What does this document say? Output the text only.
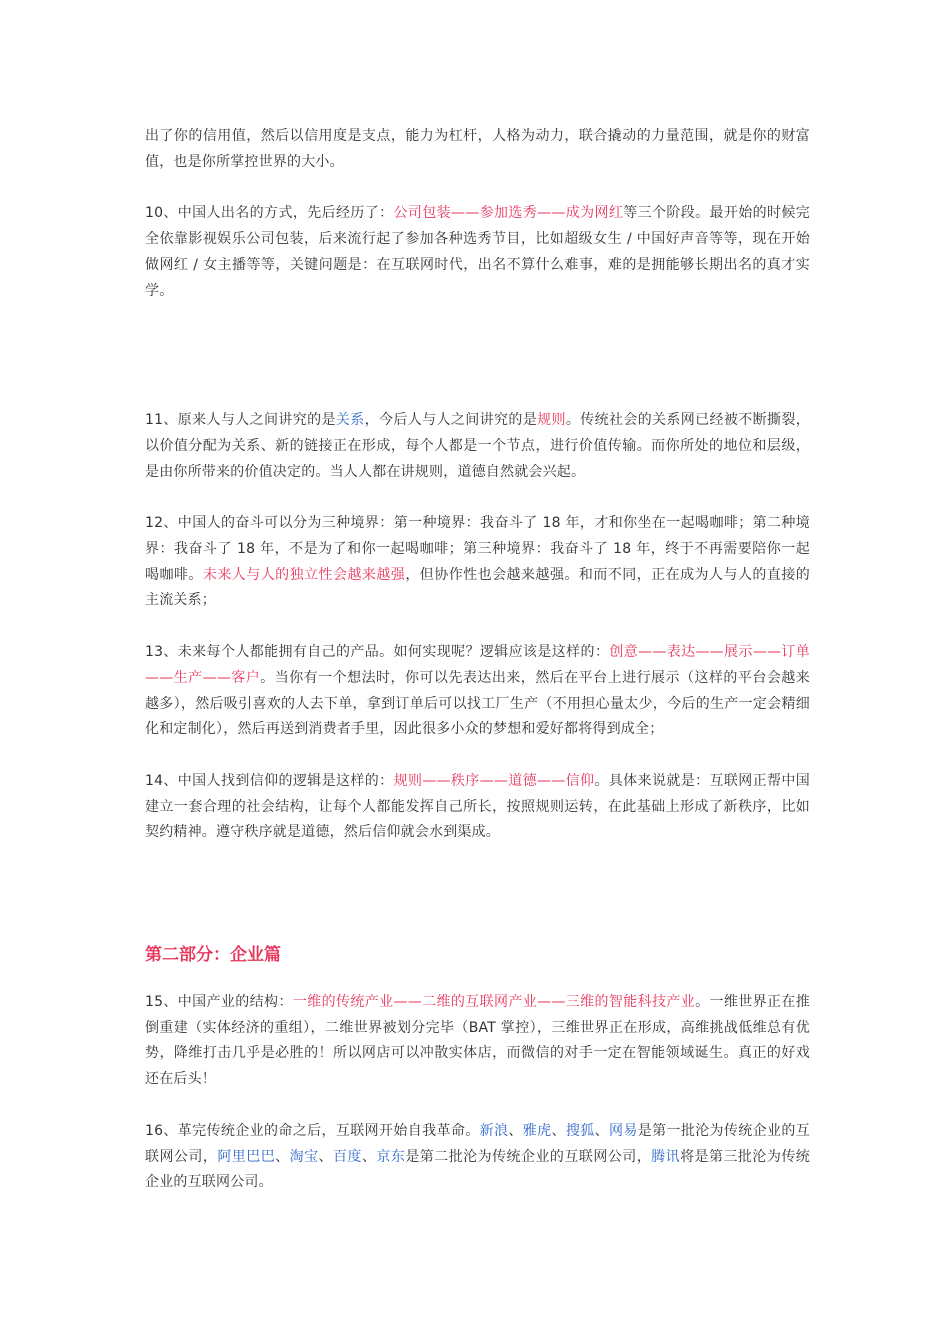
出了你的信用值，然后以信用度是支点，能力为杠杆，人格为动力，联合撬动的力量范围，就是你的财富值，也是你所掌控世界的大小。

10、中国人出名的方式，先后经历了：公司包装——参加选秀——成为网红等三个阶段。最开始的时候完全依靠影视娱乐公司包装，后来流行起了参加各种选秀节目，比如超级女生 / 中国好声音等等，现在开始做网红 / 女主播等等，关键问题是：在互联网时代，出名不算什么难事，难的是拥能够长期出名的真才实学。

11、原来人与人之间讲究的是关系，今后人与人之间讲究的是规则。传统社会的关系网已经被不断撕裂，以价值分配为关系、新的链接正在形成，每个人都是一个节点，进行价值传输。而你所处的地位和层级，是由你所带来的价值决定的。当人人都在讲规则，道德自然就会兴起。

12、中国人的奋斗可以分为三种境界：第一种境界：我奋斗了 18 年，才和你坐在一起喝咖啡；第二种境界：我奋斗了 18 年，不是为了和你一起喝咖啡；第三种境界：我奋斗了 18 年，终于不再需要陪你一起喝咖啡。未来人与人的独立性会越来越强，但协作性也会越来越强。和而不同，正在成为人与人的直接的主流关系；

13、未来每个人都能拥有自己的产品。如何实现呢？逻辑应该是这样的：创意——表达——展示——订单——生产——客户。当你有一个想法时，你可以先表达出来，然后在平台上进行展示（这样的平台会越来越多），然后吸引喜欢的人去下单，拿到订单后可以找工厂生产（不用担心量太少，今后的生产一定会精细化和定制化），然后再送到消费者手里，因此很多小众的梦想和爱好都将得到成全；

14、中国人找到信仰的逻辑是这样的：规则——秩序——道德——信仰。具体来说就是：互联网正帮中国建立一套合理的社会结构，让每个人都能发挥自己所长，按照规则运转，在此基础上形成了新秩序，比如契约精神。遵守秩序就是道德，然后信仰就会水到渠成。

第二部分：企业篇

15、中国产业的结构：一维的传统产业——二维的互联网产业——三维的智能科技产业。一维世界正在推倒重建（实体经济的重组），二维世界被划分完毕（BAT 掌控），三维世界正在形成，高维挑战低维总有优势，降维打击几乎是必胜的！所以网店可以冲散实体店，而微信的对手一定在智能领域诞生。真正的好戏还在后头！

16、革完传统企业的命之后，互联网开始自我革命。新浪、雅虎、搜狐、网易是第一批沦为传统企业的互联网公司，阿里巴巴、淘宝、百度、京东是第二批沦为传统企业的互联网公司，腾讯将是第三批沦为传统企业的互联网公司。
